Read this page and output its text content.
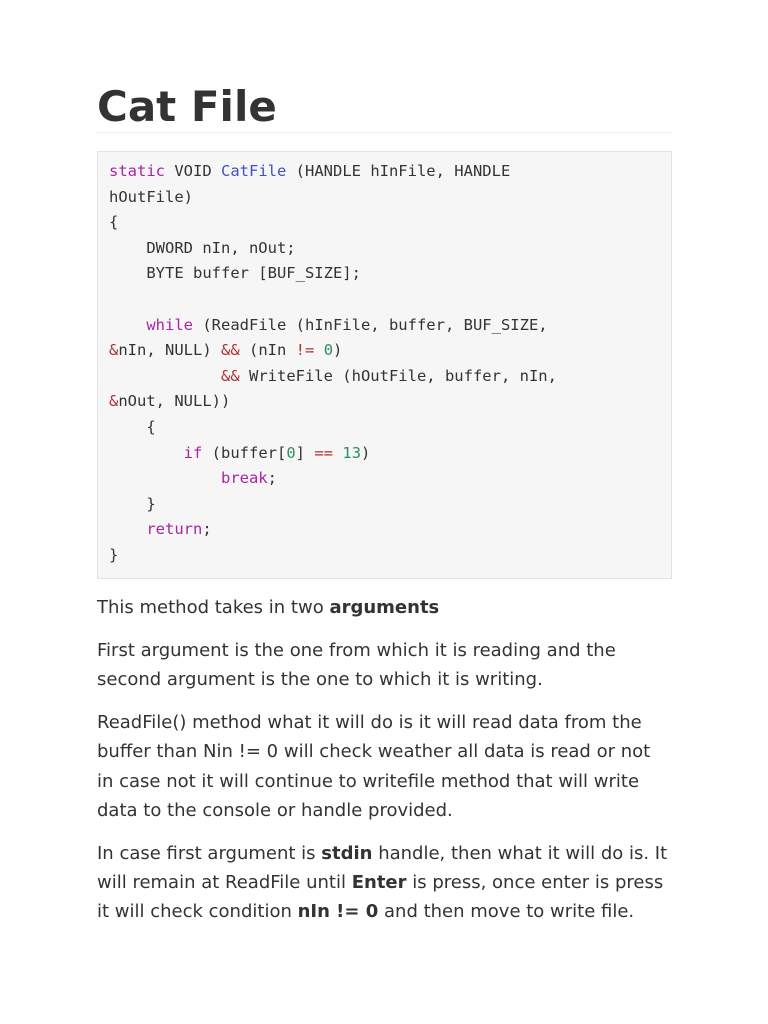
Cat File
static VOID CatFile (HANDLE hInFile, HANDLE
hOutFile)
{
DWORD nIn, nOut;
BYTE buffer [BUF_SIZE];

while (ReadFile (hInFile, buffer, BUF_SIZE,
&nIn, NULL) && (nIn != 0)
&& WriteFile (hOutFile, buffer, nIn,
&nOut, NULL))
{
if (buffer[0] == 13)
break;
}
return;
}

This method takes in two arguments

First argument is the one from which it is reading and the second argument is the one to which it is writing.

ReadFile() method what it will do is it will read data from the buffer than Nin != 0 will check weather all data is read or not in case not it will continue to writefile method that will write data to the console or handle provided.

In case first argument is stdin handle, then what it will do is. It will remain at ReadFile until Enter is press, once enter is press it will check condition nIn != 0 and then move to write file.
